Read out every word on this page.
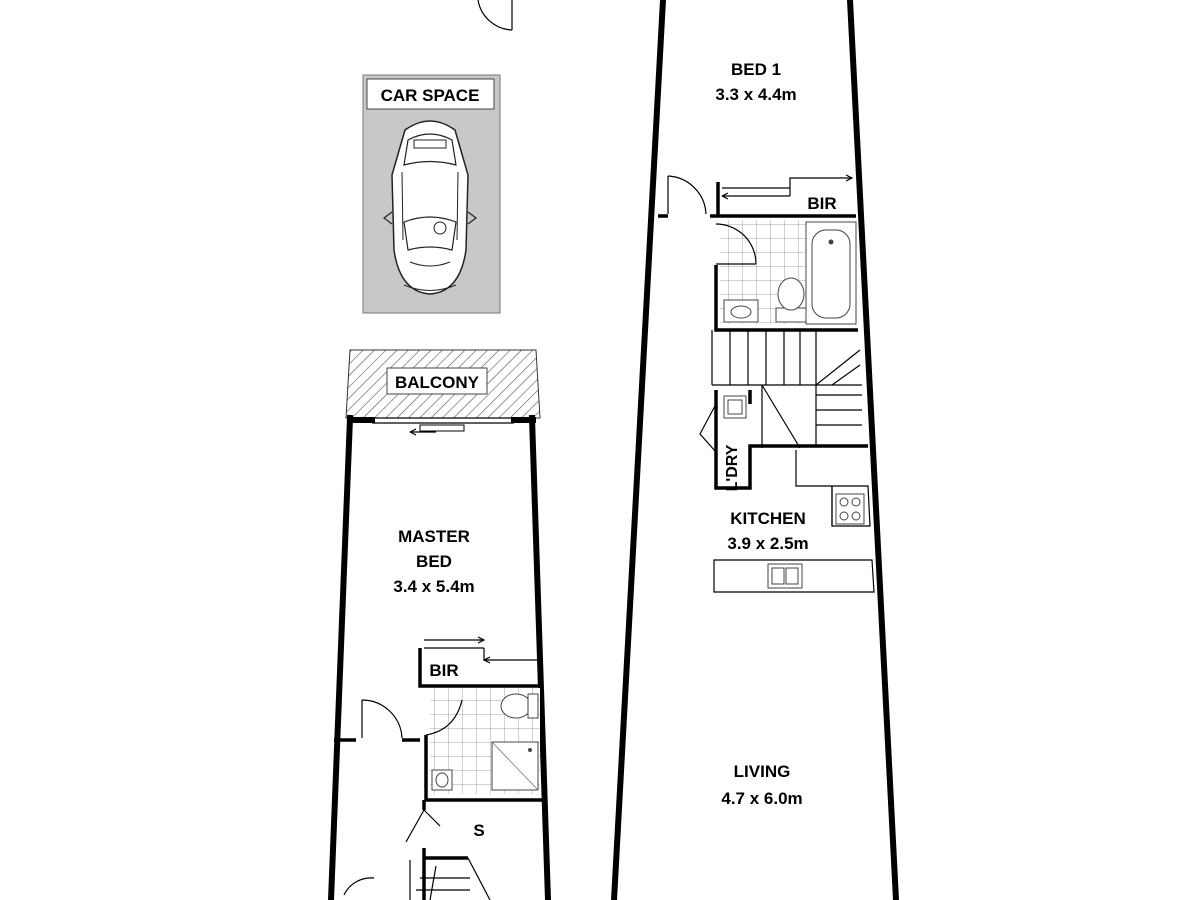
CAR SPACE
BALCONY
BIR
S
MASTER
BED
3.4 x 5.4m
BED 1
3.3 x 4.4m
BIR
L'DRY
KITCHEN
3.9 x 2.5m
LIVING
4.7 x 6.0m
